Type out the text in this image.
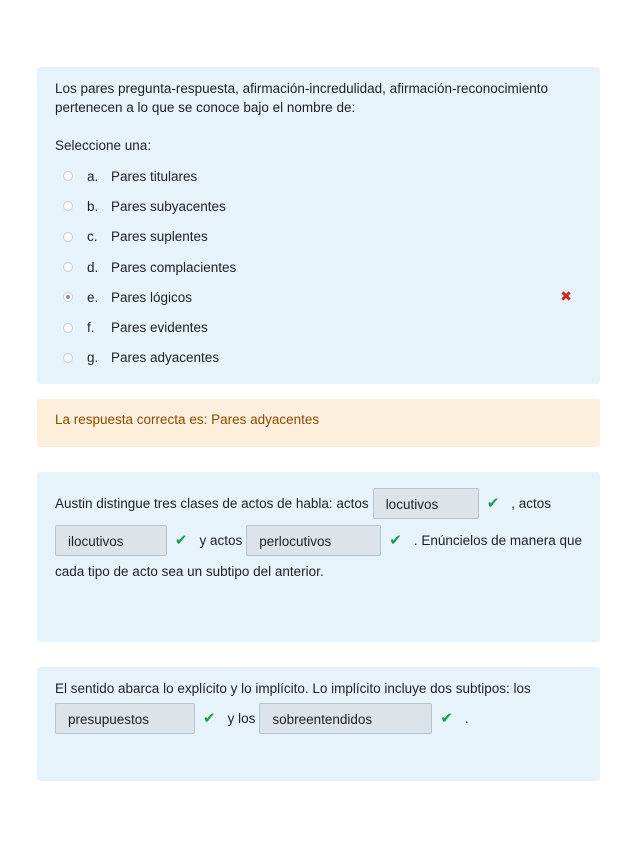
Los pares pregunta-respuesta, afirmación-incredulidad, afirmación-reconocimiento pertenecen a lo que se conoce bajo el nombre de:

Seleccione una:
a. Pares titulares
b. Pares subyacentes
c. Pares suplentes
d. Pares complacientes
e. Pares lógicos	✖
f.	Pares evidentes
g. Pares adyacentes
La respuesta correcta es: Pares adyacentes
Austin distingue tres clases de actos de habla: actos	locutivos	✔ , actos
ilocutivos	✔ y actos	perlocutivos	✔ . Enúncielos de manera que
cada tipo de acto sea un subtipo del anterior.
El sentido abarca lo explícito y lo implícito. Lo implícito incluye dos subtipos: los
presupuestos	✔ y los	sobreentendidos	✔ .
